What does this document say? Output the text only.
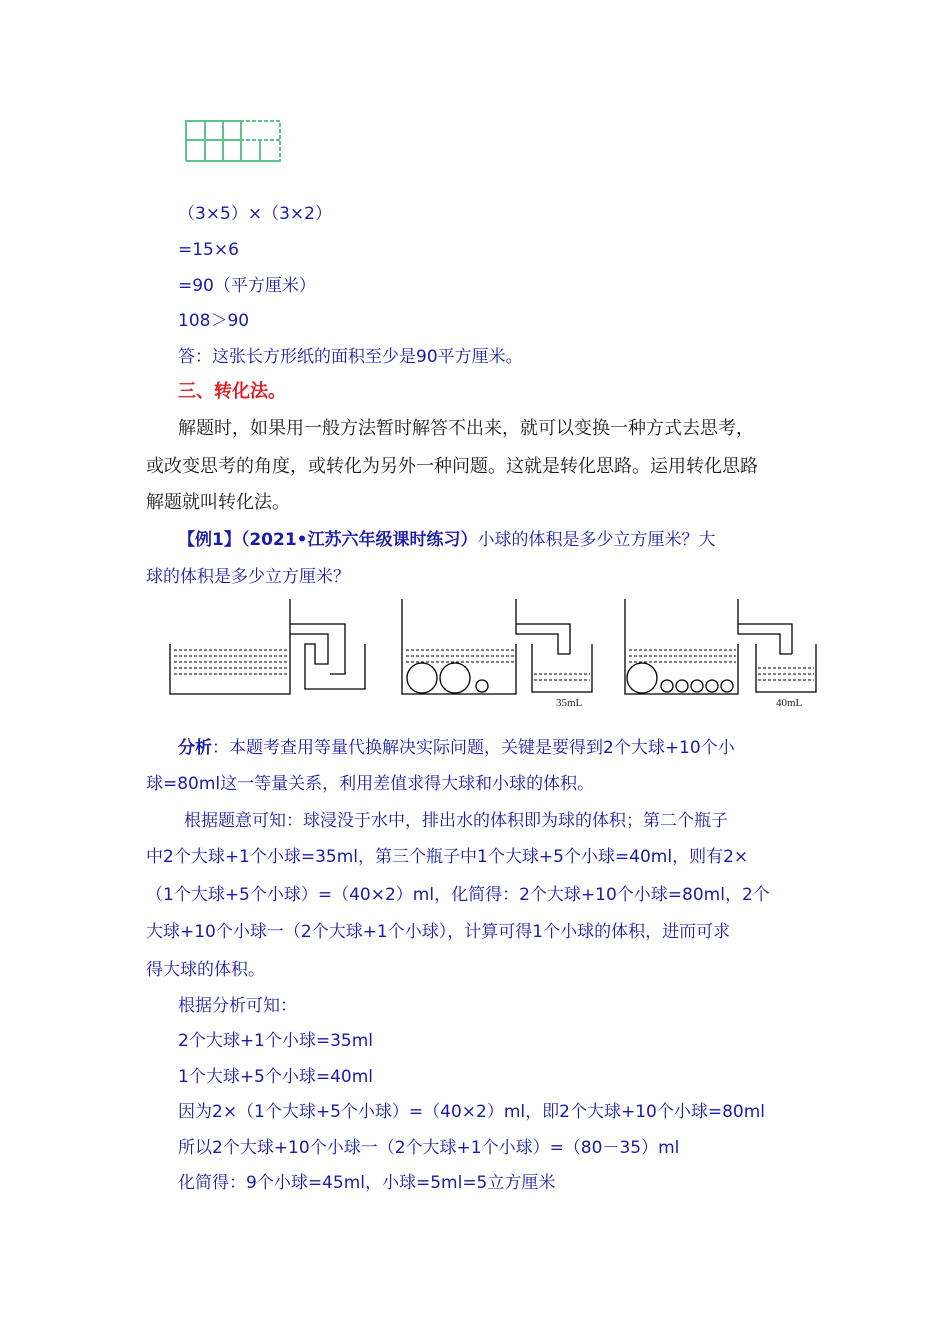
（3×5）×（3×2）
=15×6
=90（平方厘米）
108＞90
答：这张长方形纸的面积至少是90平方厘米。
三、转化法。
解题时，如果用一般方法暂时解答不出来，就可以变换一种方式去思考，
或改变思考的角度，或转化为另外一种问题。这就是转化思路。运用转化思路
解题就叫转化法。
【例1】（2021•江苏六年级课时练习）小球的体积是多少立方厘米？大
球的体积是多少立方厘米？
35mL	40mL
分析：本题考查用等量代换解决实际问题，关键是要得到2个大球+10个小
球=80ml这一等量关系，利用差值求得大球和小球的体积。
根据题意可知：球浸没于水中，排出水的体积即为球的体积；第二个瓶子
中2个大球+1个小球=35ml，第三个瓶子中1个大球+5个小球=40ml，则有2×
（1个大球+5个小球）=（40×2）ml，化简得：2个大球+10个小球=80ml，2个
大球+10个小球一（2个大球+1个小球），计算可得1个小球的体积，进而可求
得大球的体积。
根据分析可知：
2个大球+1个小球=35ml
1个大球+5个小球=40ml
因为2×（1个大球+5个小球）=（40×2）ml，即2个大球+10个小球=80ml
所以2个大球+10个小球一（2个大球+1个小球）=（80－35）ml
化简得：9个小球=45ml，小球=5ml=5立方厘米
